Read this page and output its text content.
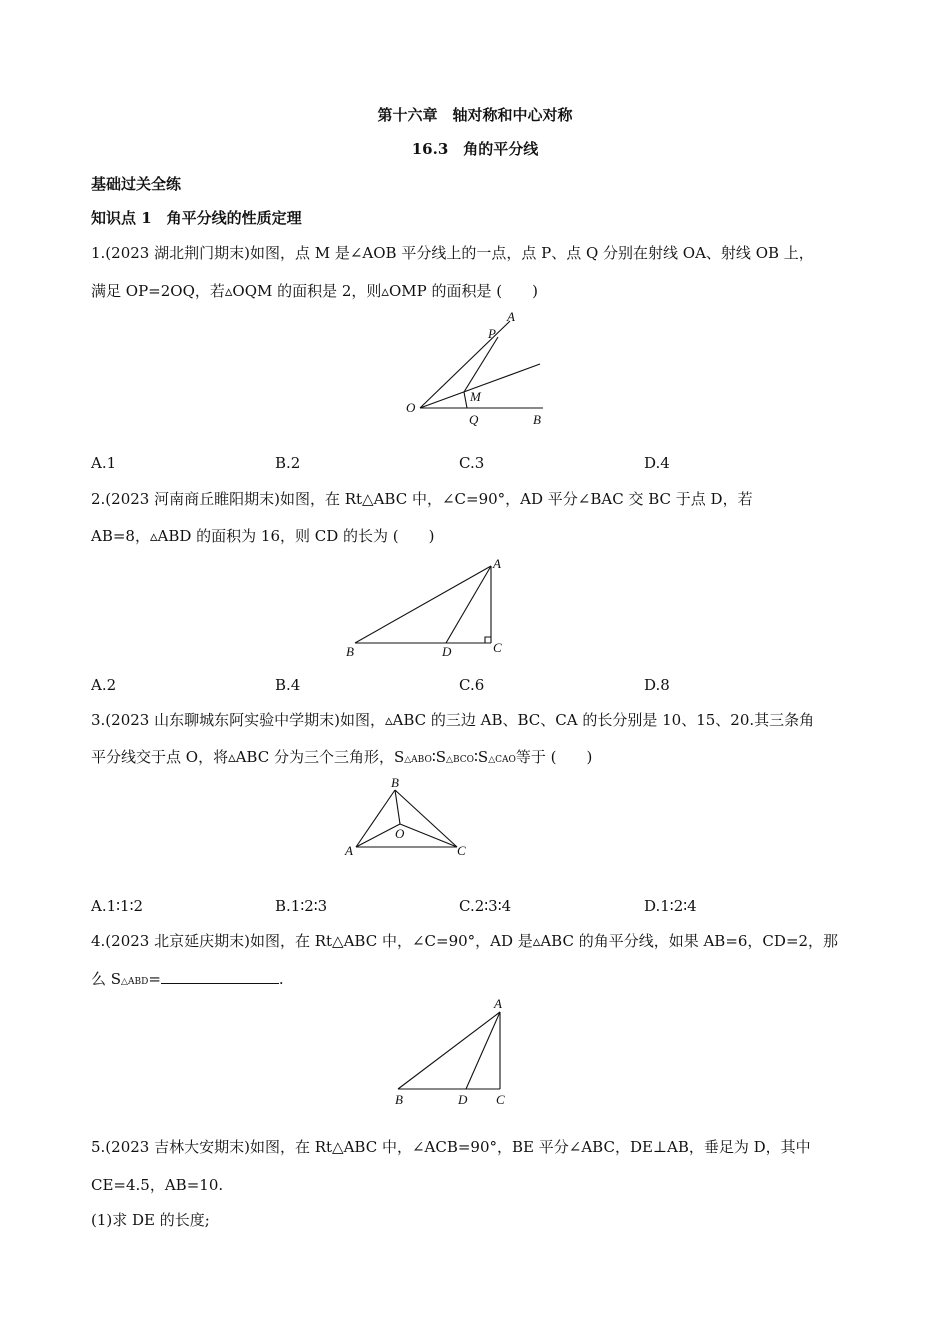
第十六章　轴对称和中心对称
16.3　角的平分线
基础过关全练
知识点 1　角平分线的性质定理
1.(2023 湖北荆门期末)如图，点 M 是∠AOB 平分线上的一点，点 P、点 Q 分别在射线 OA、射线 OB 上，
满足 OP=2OQ，若▵OQM 的面积是 2，则▵OMP 的面积是 (　　)
A
P
O
M
Q	B
A.1	B.2	C.3	D.4
2.(2023 河南商丘睢阳期末)如图，在 Rt△ABC 中，∠C=90°，AD 平分∠BAC 交 BC 于点 D，若
AB=8，▵ABD 的面积为 16，则 CD 的长为 (　　)
A
B	D	C
A.2	B.4	C.6	D.8
3.(2023 山东聊城东阿实验中学期末)如图，▵ABC 的三边 AB、BC、CA 的长分别是 10、15、20.其三条角
平分线交于点 O，将▵ABC 分为三个三角形，S△ABO∶S△BCO∶S△CAO等于 (　　)
B
O
A	C
A.1∶1∶2	B.1∶2∶3	C.2∶3∶4	D.1∶2∶4
4.(2023 北京延庆期末)如图，在 Rt△ABC 中，∠C=90°，AD 是▵ABC 的角平分线，如果 AB=6，CD=2，那
么 S△ABD=	.
A
B	D C
5.(2023 吉林大安期末)如图，在 Rt△ABC 中，∠ACB=90°，BE 平分∠ABC，DE⊥AB，垂足为 D，其中
CE=4.5，AB=10.
(1)求 DE 的长度;
